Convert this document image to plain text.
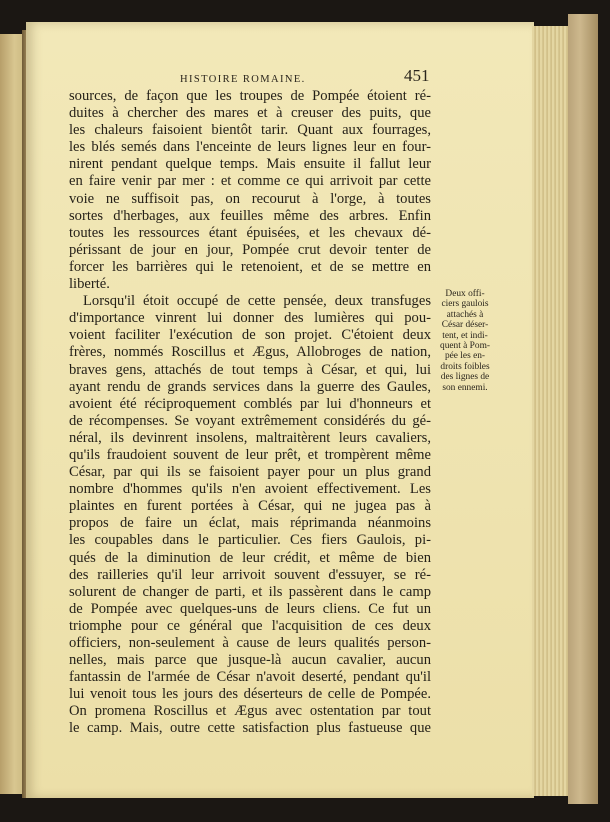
HISTOIRE ROMAINE.	451
sources, de façon que les troupes de Pompée étoient ré-
duites à chercher des mares et à creuser des puits, que
les chaleurs faisoient bientôt tarir. Quant aux fourrages,
les blés semés dans l'enceinte de leurs lignes leur en four-
nirent pendant quelque temps. Mais ensuite il fallut leur
en faire venir par mer : et comme ce qui arrivoit par cette
voie ne suffisoit pas, on recourut à l'orge, à toutes
sortes d'herbages, aux feuilles même des arbres. Enfin
toutes les ressources étant épuisées, et les chevaux dé-
périssant de jour en jour, Pompée crut devoir tenter de
forcer les barrières qui le retenoient, et de se mettre en
liberté.
Lorsqu'il étoit occupé de cette pensée, deux transfuges
d'importance vinrent lui donner des lumières qui pou-
voient faciliter l'exécution de son projet. C'étoient deux
frères, nommés Roscillus et Ægus, Allobroges de nation,
braves gens, attachés de tout temps à César, et qui, lui
ayant rendu de grands services dans la guerre des Gaules,
avoient été réciproquement comblés par lui d'honneurs et
de récompenses. Se voyant extrêmement considérés du gé-
néral, ils devinrent insolens, maltraitèrent leurs cavaliers,
qu'ils fraudoient souvent de leur prêt, et trompèrent même
César, par qui ils se faisoient payer pour un plus grand
nombre d'hommes qu'ils n'en avoient effectivement. Les
plaintes en furent portées à César, qui ne jugea pas à
propos de faire un éclat, mais réprimanda néanmoins
les coupables dans le particulier. Ces fiers Gaulois, pi-
qués de la diminution de leur crédit, et même de bien
des railleries qu'il leur arrivoit souvent d'essuyer, se ré-
solurent de changer de parti, et ils passèrent dans le camp
de Pompée avec quelques-uns de leurs cliens. Ce fut un
triomphe pour ce général que l'acquisition de ces deux
officiers, non-seulement à cause de leurs qualités person-
nelles, mais parce que jusque-là aucun cavalier, aucun
fantassin de l'armée de César n'avoit deserté, pendant qu'il
lui venoit tous les jours des déserteurs de celle de Pompée.
On promena Roscillus et Ægus avec ostentation par tout
le camp. Mais, outre cette satisfaction plus fastueuse que
Deux offi-
ciers gaulois
attachés à
César déser-
tent, et indi-
quent à Pom-
pée les en-
droits foibles
des lignes de
son ennemi.
